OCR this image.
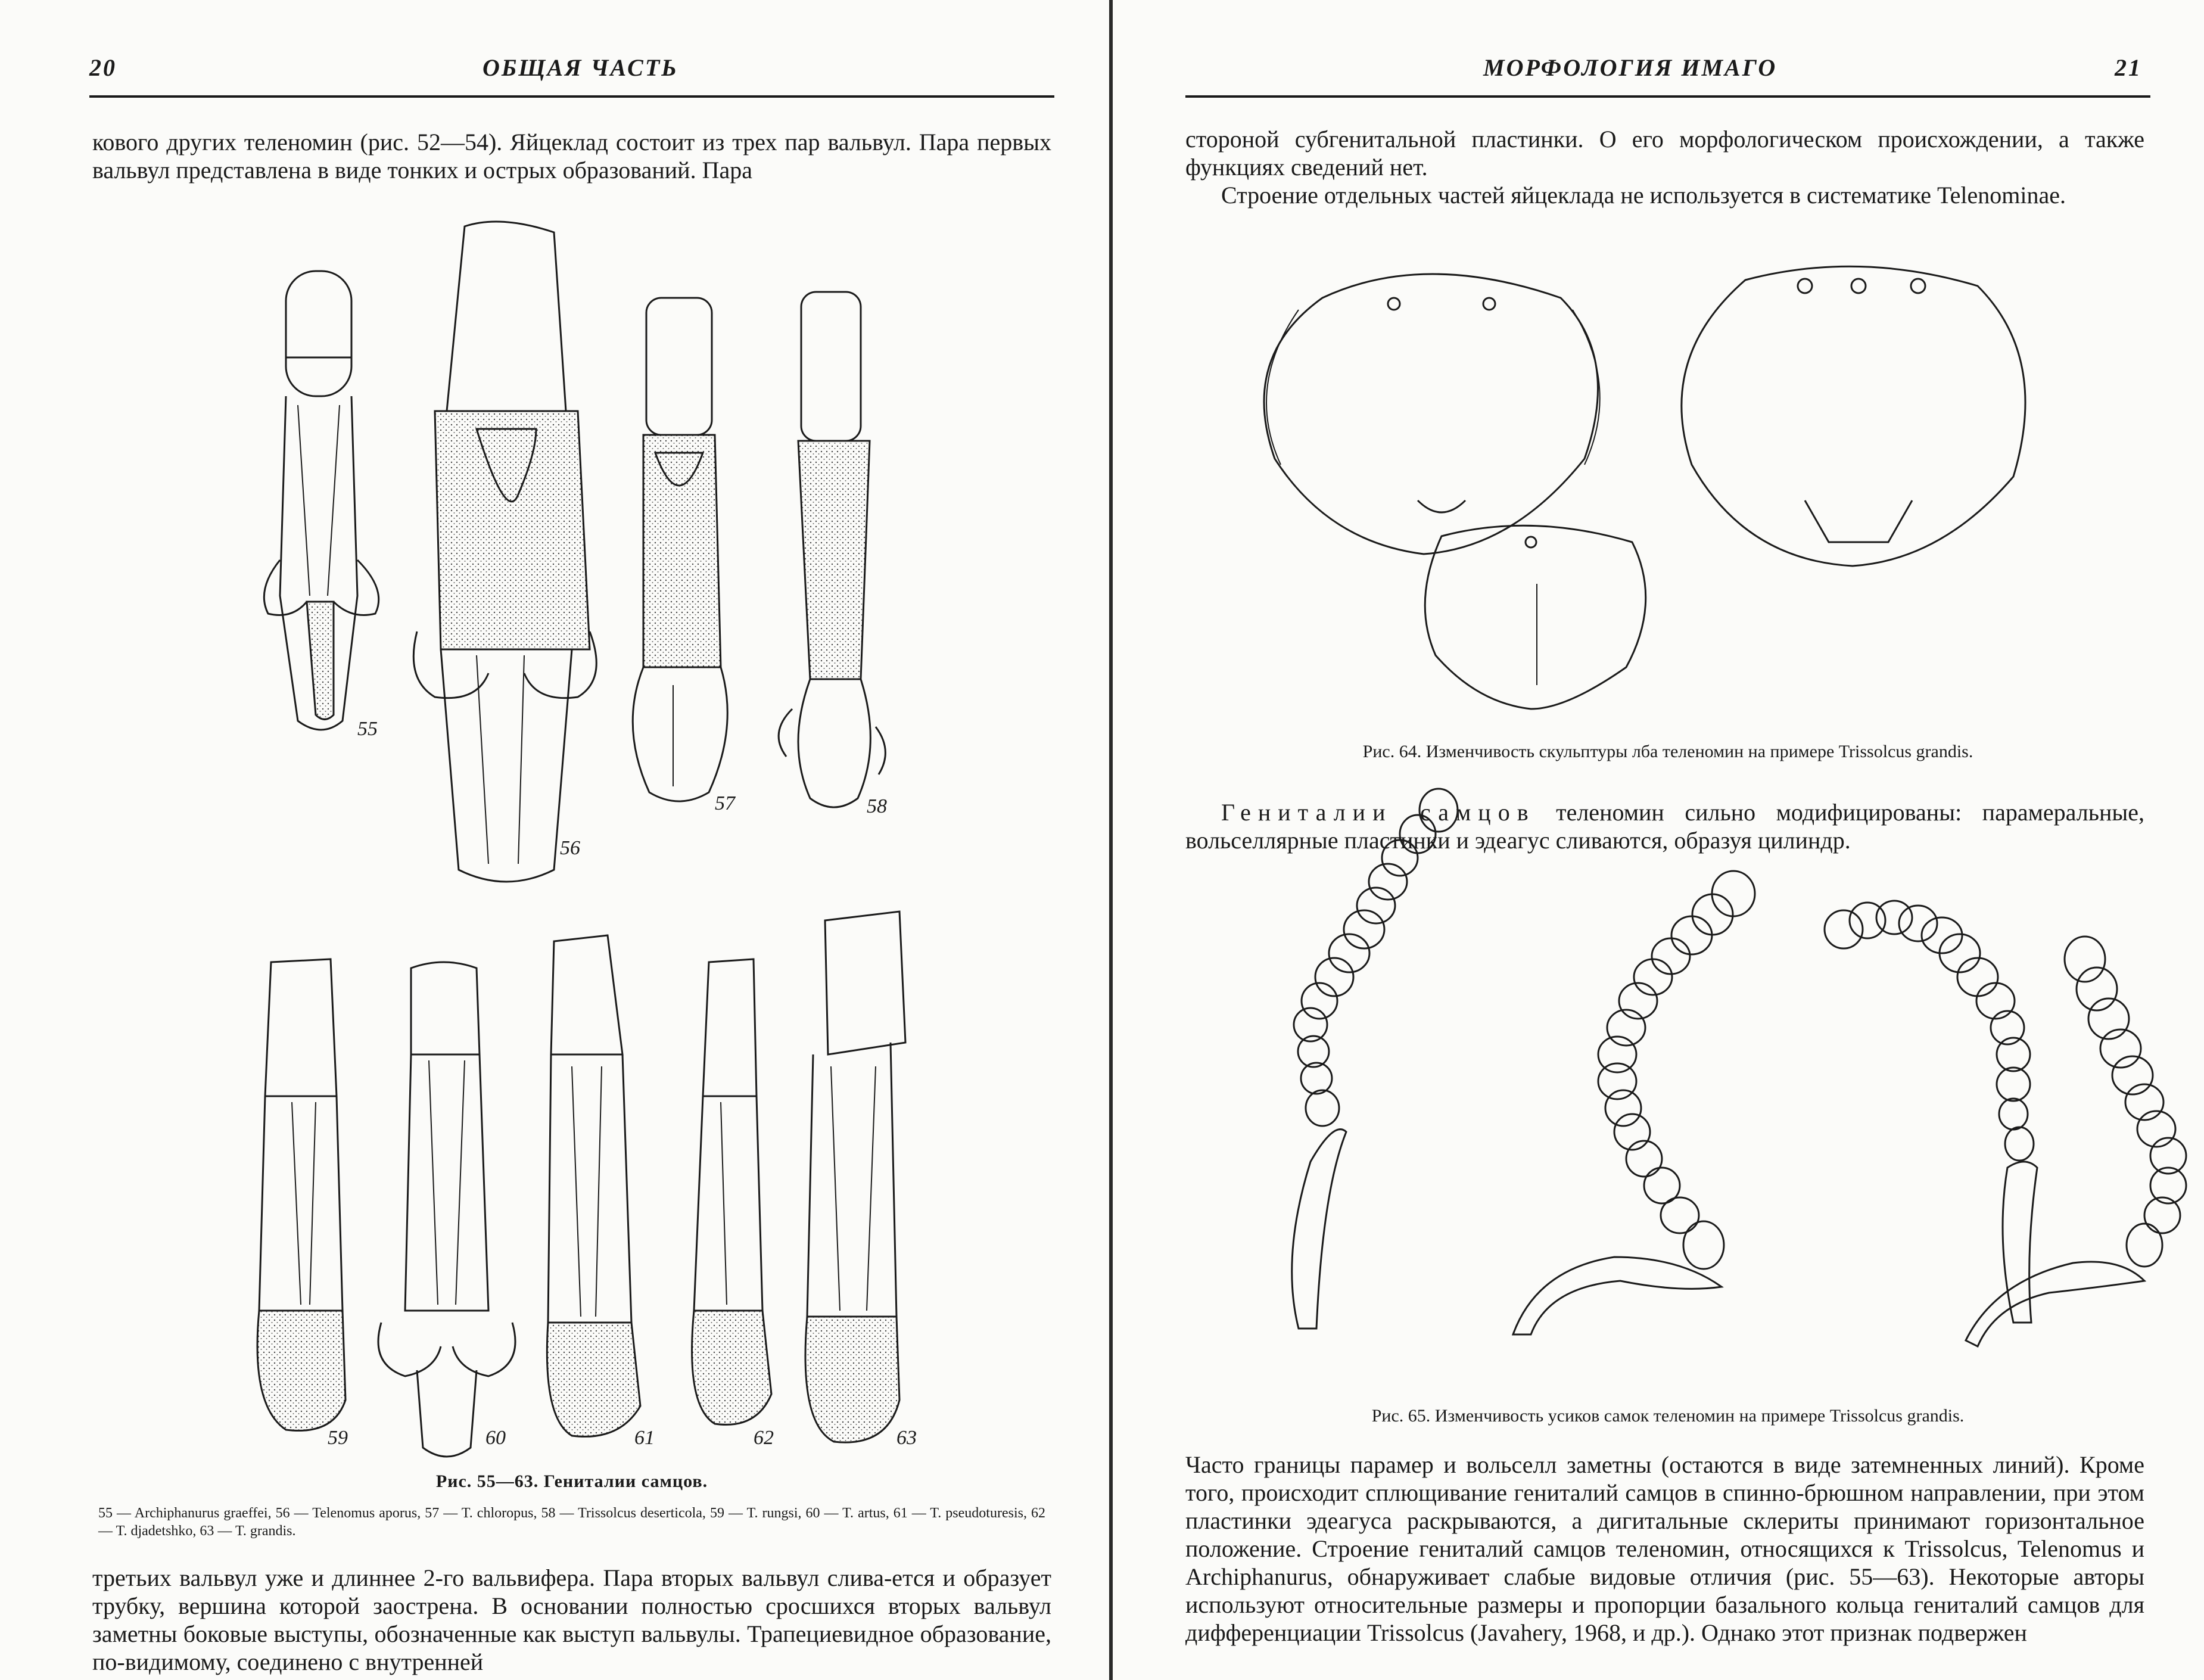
20	ОБЩАЯ ЧАСТЬ

кового других теленомин (рис. 52—54). Яйцеклад состоит из трех пар вальвул. Пара первых вальвул представлена в виде тонких и острых образований. Пара

55
56
57	58
59	60	61	62	63
Рис. 55—63. Гениталии самцов.
55 — Archiphanurus graeffei, 56 — Telenomus aporus, 57 — T. chloropus, 58 — Trissolcus deserticola, 59 — T. rungsi, 60 — T. artus, 61 — T. pseudoturesis, 62 — T. djadetshko, 63 — T. grandis.

третьих вальвул уже и длиннее 2-го вальвифера. Пара вторых вальвул слива-ется и образует трубку, вершина которой заострена. В основании полностью сросшихся вторых вальвул заметны боковые выступы, обозначенные как выступ вальвулы. Трапециевидное образование, по-видимому, соединено с внутренней

МОРФОЛОГИЯ ИМАГО	21

стороной субгенитальной пластинки. О его морфологическом происхождении, а также функциях сведений нет.

Строение отдельных частей яйцеклада не используется в систематике Telenominae.

Рис. 64. Изменчивость скульптуры лба теленомин на примере Trissolcus grandis.

Гениталии самцов теленомин сильно модифицированы: парамеральные, вольселлярные пластинки и эдеагус сливаются, образуя цилиндр.

Рис. 65. Изменчивость усиков самок теленомин на примере Trissolcus grandis.

Часто границы парамер и вольселл заметны (остаются в виде затемненных линий). Кроме того, происходит сплющивание гениталий самцов в спинно-брюшном направлении, при этом пластинки эдеагуса раскрываются, а дигитальные склериты принимают горизонтальное положение. Строение гениталий самцов теленомин, относящихся к Trissolcus, Telenomus и Archiphanurus, обнаруживает слабые видовые отличия (рис. 55—63). Некоторые авторы используют относительные размеры и пропорции базального кольца гениталий самцов для дифференциации Trissolcus (Javahery, 1968, и др.). Однако этот признак подвержен
